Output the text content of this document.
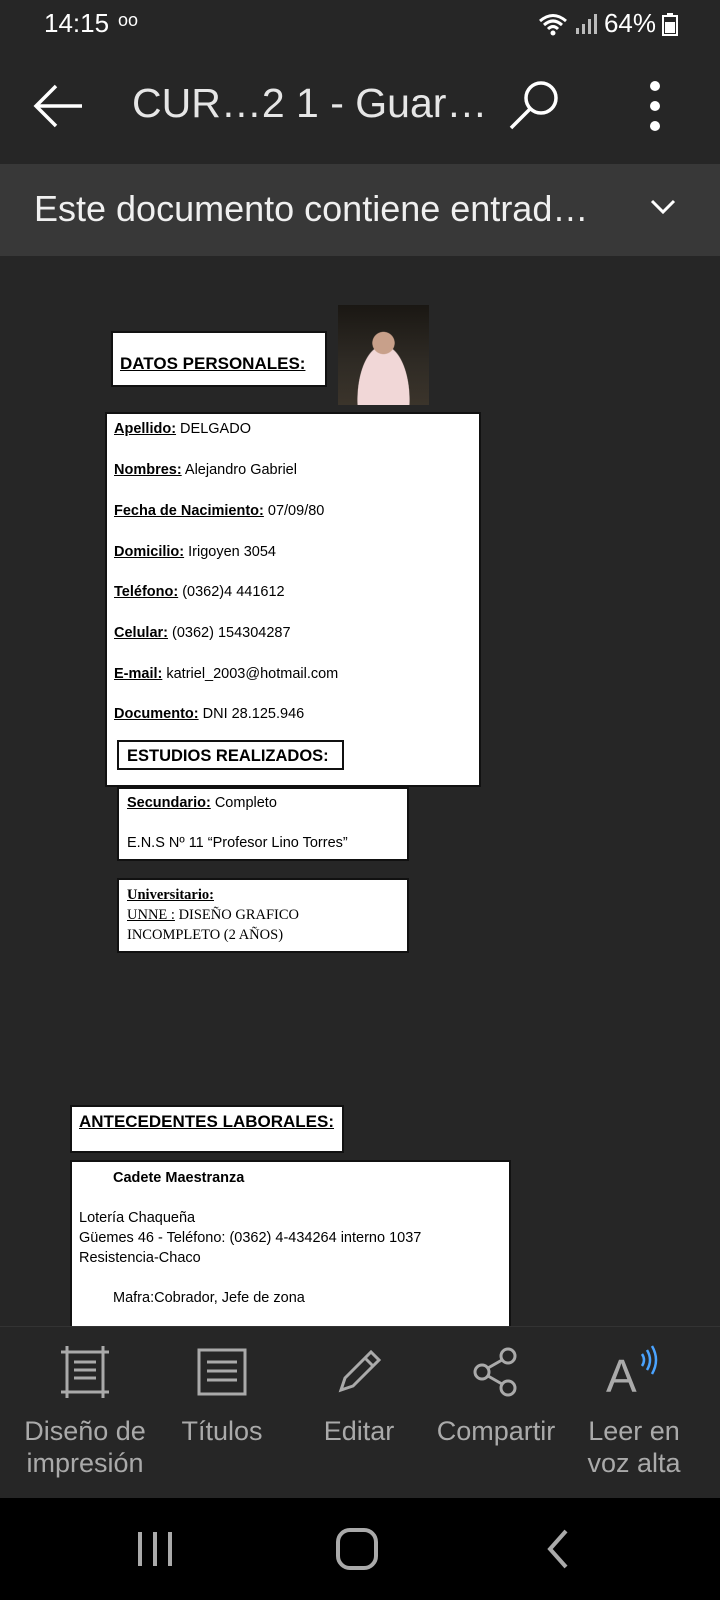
14:15 oo	64%
CUR…2 1 - Guar…
Este documento contiene entrad…
DATOS PERSONALES:
Apellido: DELGADO
Nombres: Alejandro Gabriel
Fecha de Nacimiento: 07/09/80
Domicilio: Irigoyen 3054
Teléfono: (0362)4 441612
Celular: (0362) 154304287
E-mail: katriel_2003@hotmail.com
Documento: DNI 28.125.946
ESTUDIOS REALIZADOS:
Secundario: Completo
E.N.S Nº 11 “Profesor Lino Torres”
Universitario:
UNNE : DISEÑO GRAFICO
INCOMPLETO (2 AÑOS)
ANTECEDENTES LABORALES:
Cadete Maestranza
Lotería Chaqueña
Güemes 46 - Teléfono: (0362) 4-434264 interno 1037
Resistencia-Chaco
Mafra:Cobrador, Jefe de zona
Diseño de
impresión
Títulos	Editar	Compartir
A
Leer en
voz alta
